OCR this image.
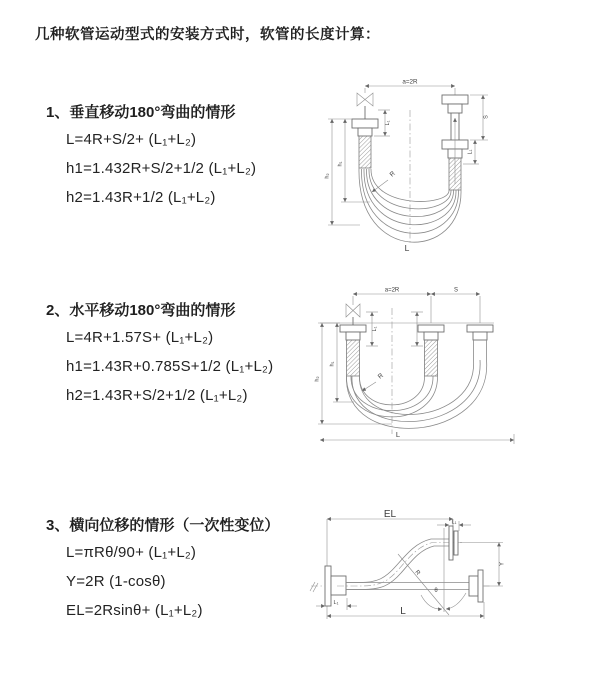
几种软管运动型式的安装方式时，软管的长度计算：
1、垂直移动180°弯曲的情形
L=4R+S/2+ (L₁+L₂)
h1=1.432R+S/2+1/2 (L₁+L₂)
h2=1.43R+1/2 (L₁+L₂)
2、水平移动180°弯曲的情形
L=4R+1.57S+ (L₁+L₂)
h1=1.43R+0.785S+1/2 (L₁+L₂)
h2=1.43R+S/2+1/2 (L₁+L₂)
3、横向位移的情形（一次性变位）
L=πRθ/90+ (L₁+L₂)
Y=2R (1-cosθ)
EL=2Rsinθ+ (L₁+L₂)
a=2R
L₁
S
L₁
h₁
h₂	R
L
a=2R	S
L₁
h₁
h₂	R
L
EL
L₁
R
θ
Y
L₁
L
